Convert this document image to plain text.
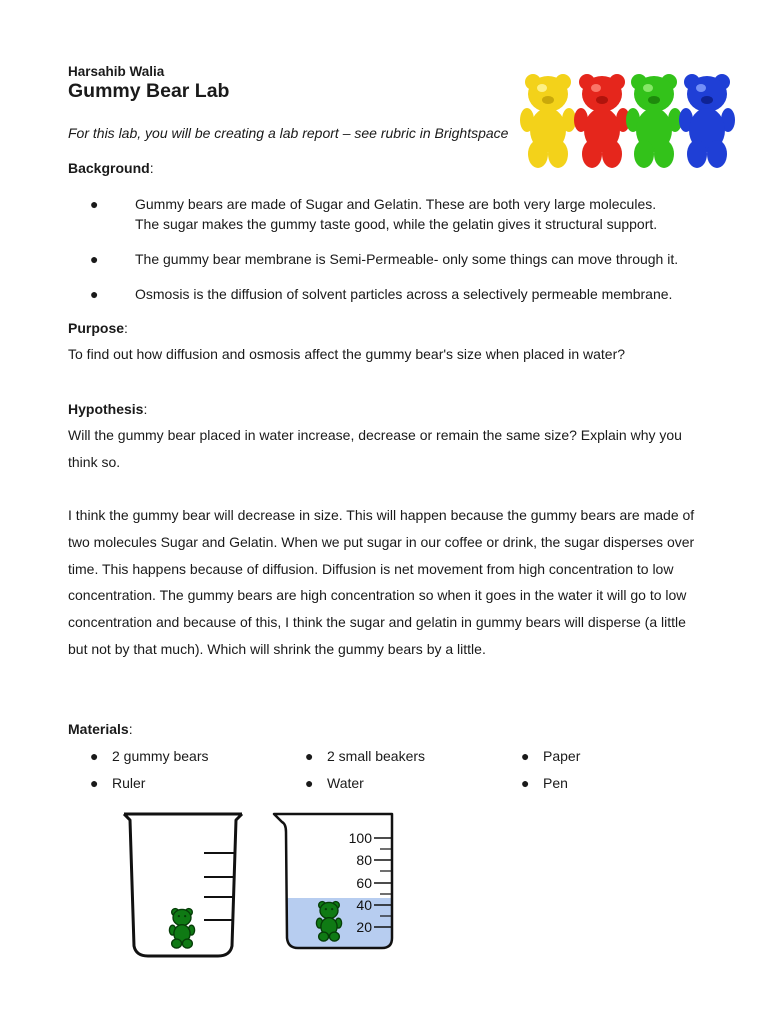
Harsahib Walia
Gummy Bear Lab
For this lab, you will be creating a lab report – see rubric in Brightspace
Background:
●	Gummy bears are made of Sugar and Gelatin. These are both very large molecules.
The sugar makes the gummy taste good, while the gelatin gives it structural support.
●	The gummy bear membrane is Semi-Permeable- only some things can move through it.
●	Osmosis is the diffusion of solvent particles across a selectively permeable membrane.
Purpose:
To find out how diffusion and osmosis affect the gummy bear's size when placed in water?
Hypothesis:
Will the gummy bear placed in water increase, decrease or remain the same size? Explain why you think so.
I think the gummy bear will decrease in size. This will happen because the gummy bears are made of two molecules Sugar and Gelatin. When we put sugar in our coffee or drink, the sugar disperses over time. This happens because of diffusion. Diffusion is net movement from high concentration to low concentration. The gummy bears are high concentration so when it goes in the water it will go to low concentration and because of this, I think the sugar and gelatin in gummy bears will disperse (a little but not by that much). Which will shrink the gummy bears by a little.
Materials:
● 2 gummy bears	● 2 small beakers	● Paper
● Ruler	● Water	● Pen
100
80
60
40
20
